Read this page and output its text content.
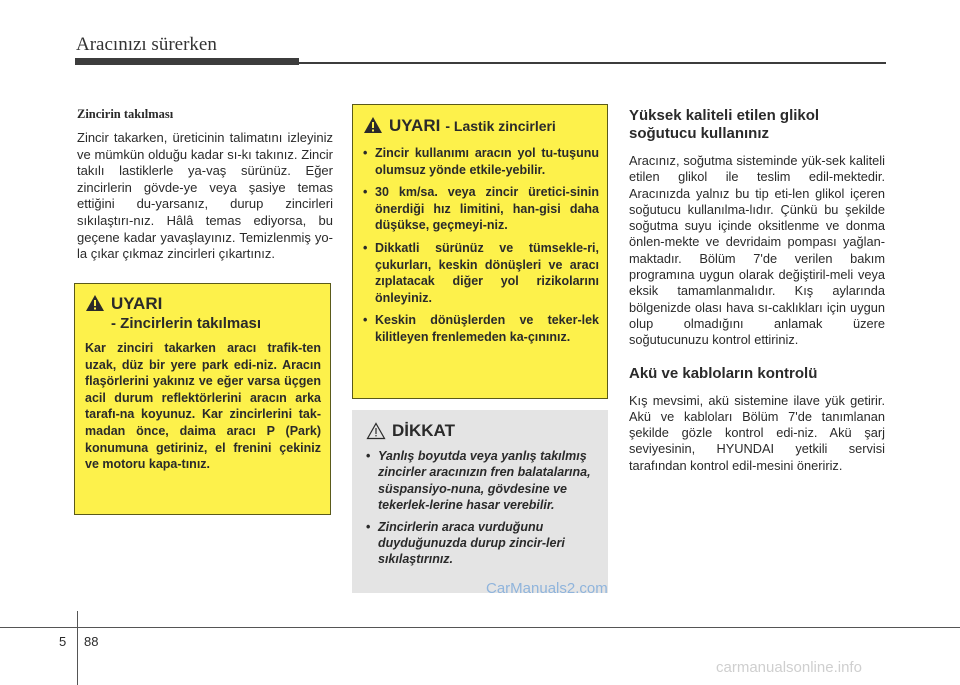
Aracınızı sürerken
Zincirin takılması

Zincir takarken, üreticinin talimatını izleyiniz ve mümkün olduğu kadar sı-kı takınız. Zincir takılı lastiklerle ya-vaş sürünüz. Eğer zincirlerin gövde-ye veya şasiye temas ettiğini du-yarsanız, durup zincirleri sıkılaştırı-nız. Hâlâ temas ediyorsa, bu geçene kadar yavaşlayınız. Temizlenmiş yo-la çıkar çıkmaz zincirleri çıkartınız.

UYARI
- Zincirlerin takılması
Kar zinciri takarken aracı trafik-ten uzak, düz bir yere park edi-niz. Aracın flaşörlerini yakınız ve eğer varsa üçgen acil durum reflektörlerini aracın arka tarafı-na koyunuz. Kar zincirlerini tak-madan önce, daima aracı P (Park) konumuna getiriniz, el frenini çekiniz ve motoru kapa-tınız.
UYARI - Lastik zincirleri
• Zincir kullanımı aracın yol tu-tuşunu olumsuz yönde etkile-yebilir.
• 30 km/sa. veya zincir üretici-sinin önerdiği hız limitini, han-gisi daha düşükse, geçmeyi-niz.
• Dikkatli sürünüz ve tümsekle-ri, çukurları, keskin dönüşleri ve aracı zıplatacak diğer yol rizikolarını önleyiniz.
• Keskin dönüşlerden ve teker-lek kilitleyen frenlemeden ka-çınınız.
DİKKAT
• Yanlış boyutda veya yanlış takılmış zincirler aracınızın fren balatalarına, süspansiyo-nuna, gövdesine ve tekerlek-lerine hasar verebilir.
• Zincirlerin araca vurduğunu duyduğunuzda durup zincir-leri sıkılaştırınız.
Yüksek kaliteli etilen glikol soğutucu kullanınız

Aracınız, soğutma sisteminde yük-sek kaliteli etilen glikol ile teslim edil-mektedir. Aracınızda yalnız bu tip eti-len glikol içeren soğutucu kullanılma-lıdır. Çünkü bu şekilde soğutma suyu içinde oksitlenme ve donma önlen-mekte ve devridaim pompası yağlan-maktadır. Bölüm 7'de verilen bakım programına uygun olarak değiştiril-meli veya eksik tamamlanmalıdır. Kış aylarında bölgenizde olası hava sı-caklıkları için uygun olup olmadığını anlamak üzere soğutucunuzu kontrol ettiriniz.

Akü ve kabloların kontrolü

Kış mevsimi, akü sistemine ilave yük getirir. Akü ve kabloları Bölüm 7'de tanımlanan şekilde gözle kontrol edi-niz. Akü şarj seviyesinin, HYUNDAI yetkili servisi tarafından kontrol edil-mesini öneririz.

CarManuals2.com
5 88
carmanualsonline.info
